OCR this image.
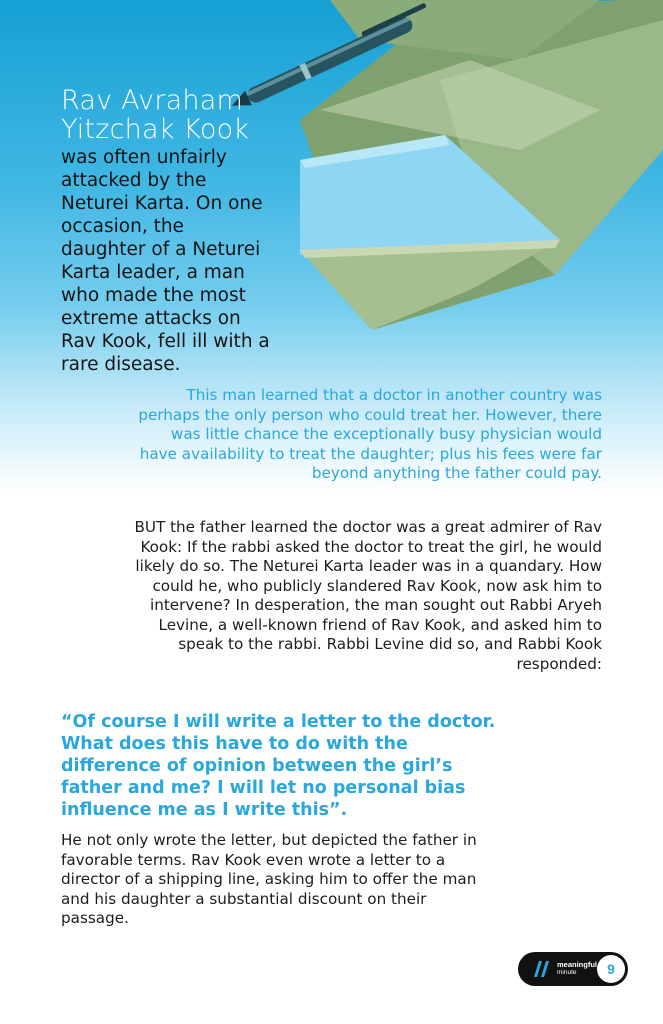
Rav Avraham
Yitzchak Kook
was often unfairly attacked by the Neturei Karta. On one occasion, the daughter of a Neturei Karta leader, a man who made the most extreme attacks on Rav Kook, fell ill with a rare disease.
This man learned that a doctor in another country was perhaps the only person who could treat her. However, there was little chance the exceptionally busy physician would have availability to treat the daughter; plus his fees were far beyond anything the father could pay.
BUT the father learned the doctor was a great admirer of Rav Kook: If the rabbi asked the doctor to treat the girl, he would likely do so. The Neturei Karta leader was in a quandary. How could he, who publicly slandered Rav Kook, now ask him to intervene? In desperation, the man sought out Rabbi Aryeh Levine, a well-known friend of Rav Kook, and asked him to speak to the rabbi. Rabbi Levine did so, and Rabbi Kook responded:
“Of course I will write a letter to the doctor. What does this have to do with the difference of opinion between the girl’s father and me? I will let no personal bias influence me as I write this”.
He not only wrote the letter, but depicted the father in favorable terms. Rav Kook even wrote a letter to a director of a shipping line, asking him to offer the man and his daughter a substantial discount on their passage.
meaningful
minute	9
